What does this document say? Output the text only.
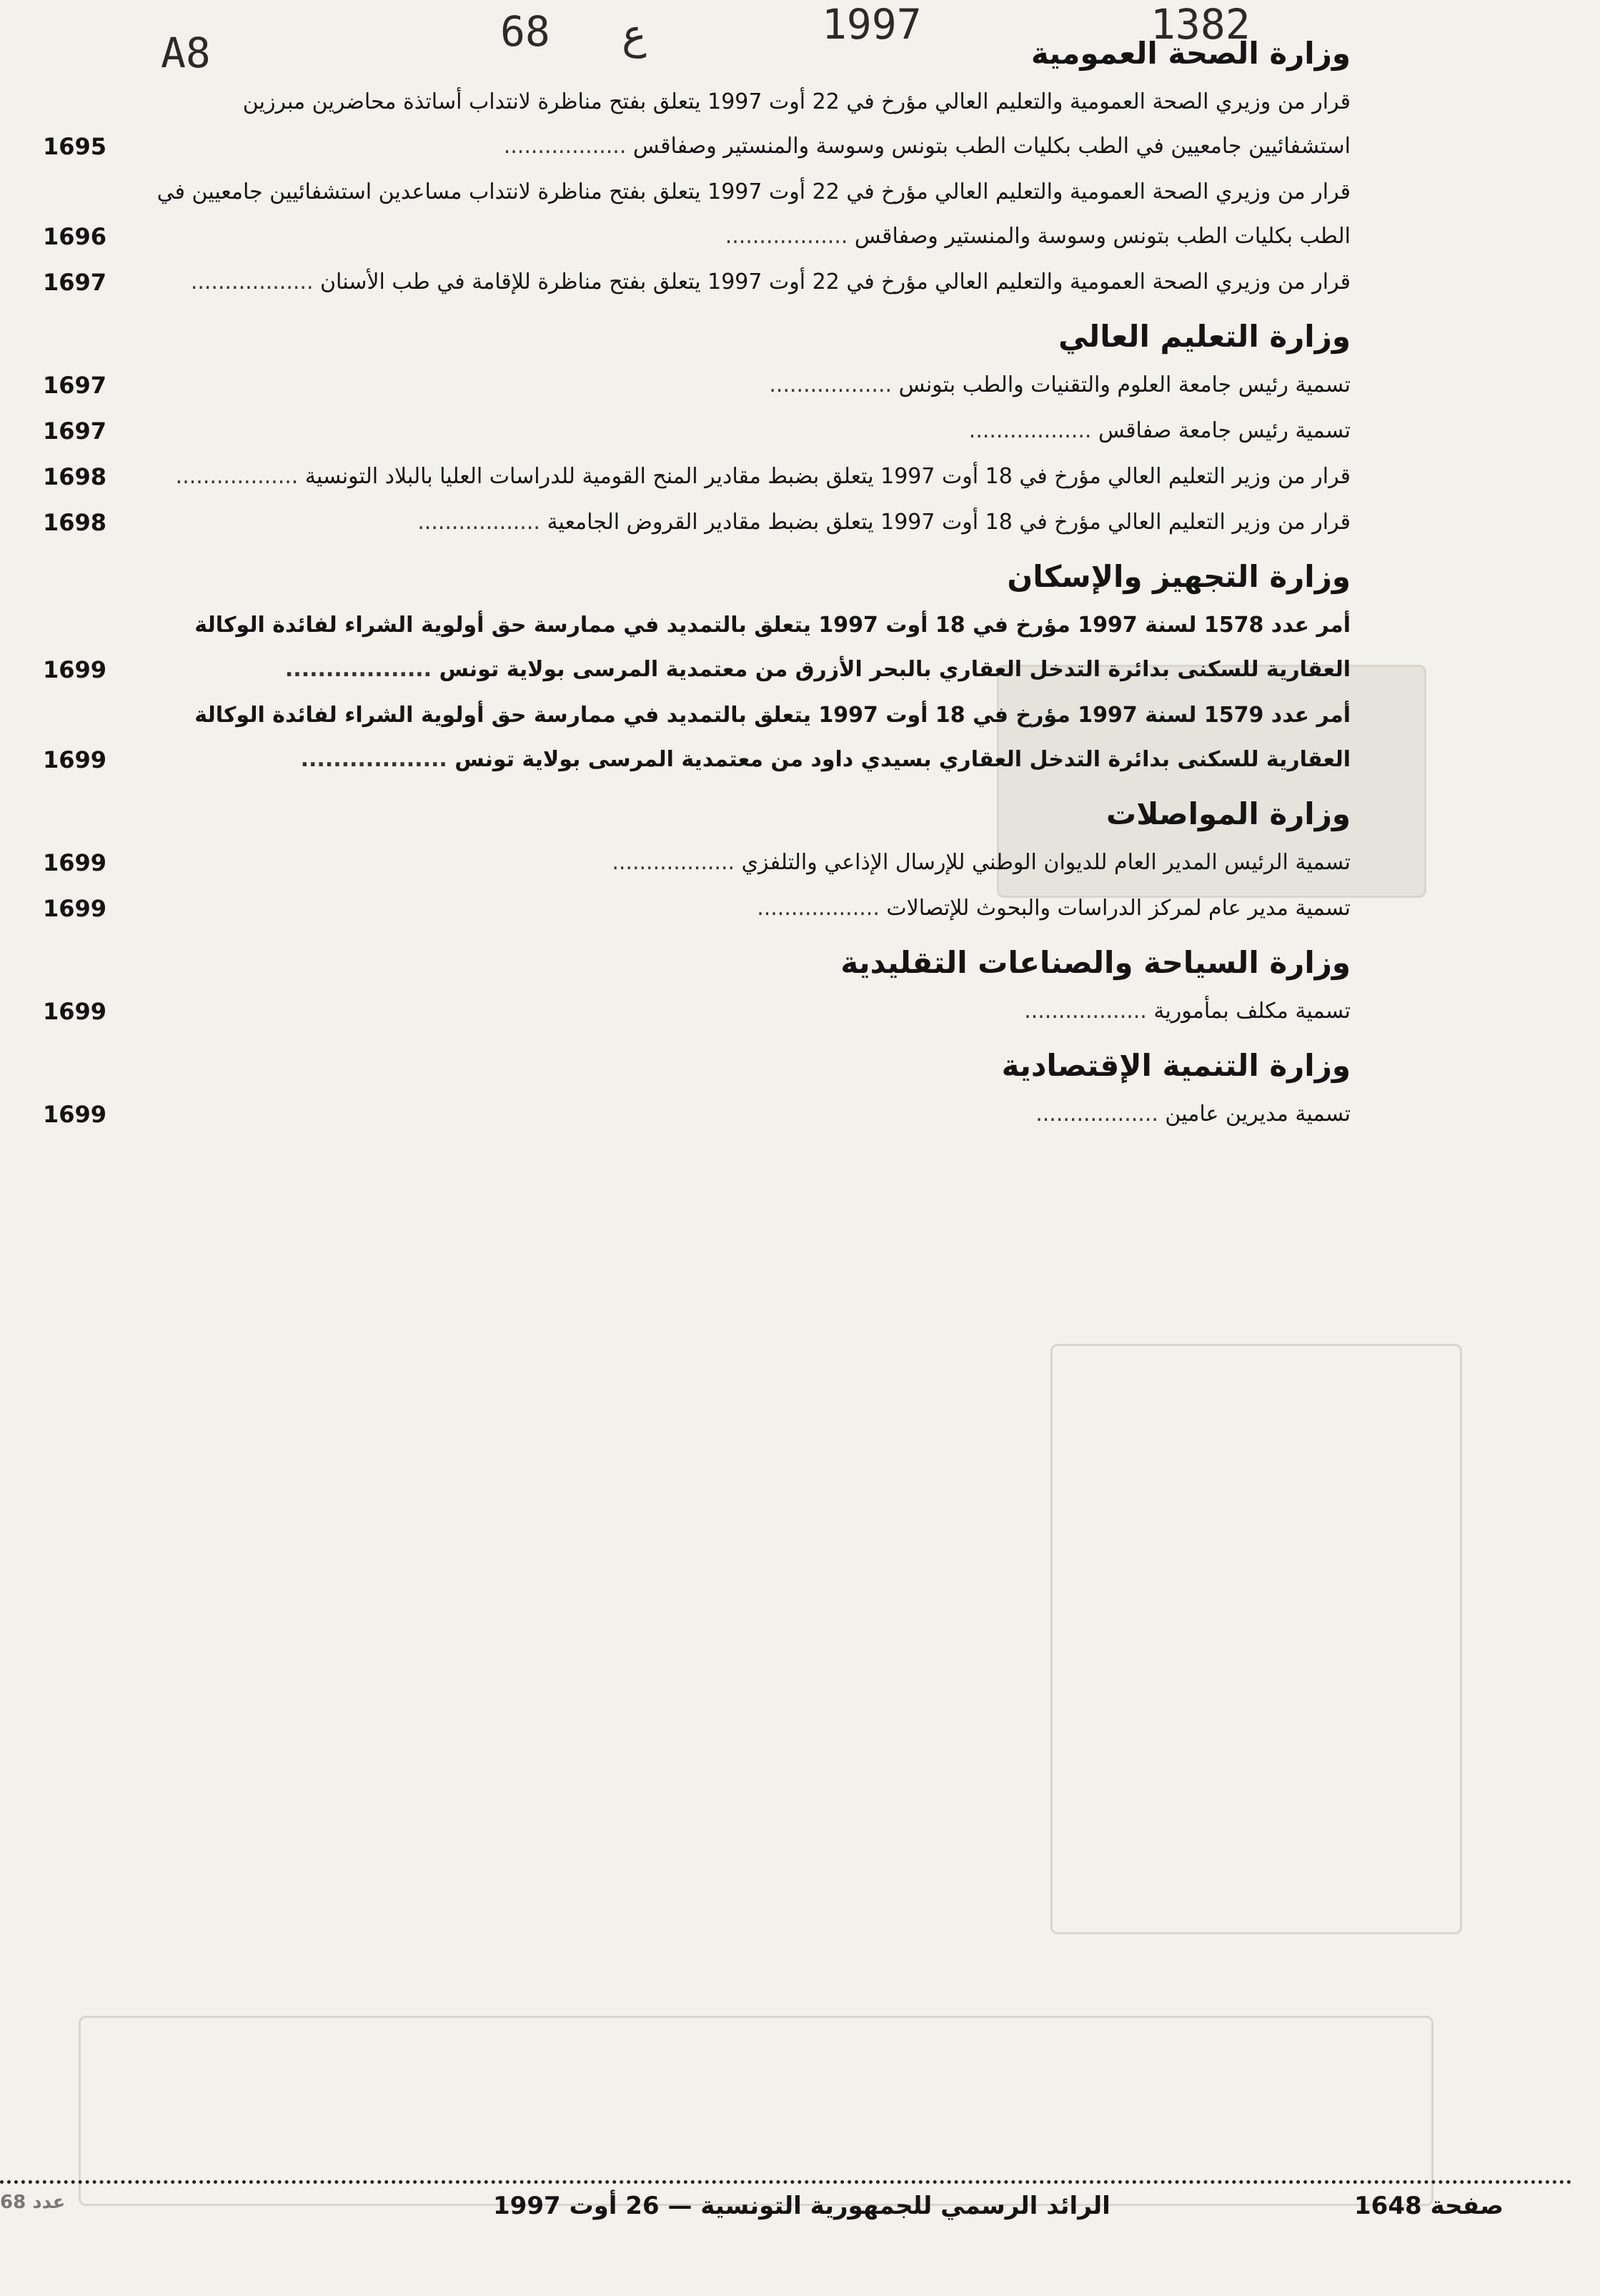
A8	68 ع	1997	1382
وزارة الصحة العمومية
قرار من وزيري الصحة العمومية والتعليم العالي مؤرخ في 22 أوت 1997 يتعلق بفتح مناظرة لانتداب أساتذة محاضرين مبرزين استشفائيين جامعيين في الطب بكليات الطب بتونس وسوسة والمنستير وصفاقس ..................
1695
قرار من وزيري الصحة العمومية والتعليم العالي مؤرخ في 22 أوت 1997 يتعلق بفتح مناظرة لانتداب مساعدين استشفائيين جامعيين في الطب بكليات الطب بتونس وسوسة والمنستير وصفاقس ..................
1696
قرار من وزيري الصحة العمومية والتعليم العالي مؤرخ في 22 أوت 1997 يتعلق بفتح مناظرة للإقامة في طب الأسنان ..................
1697
وزارة التعليم العالي
تسمية رئيس جامعة العلوم والتقنيات والطب بتونس ..................
1697
تسمية رئيس جامعة صفاقس ..................
1697
قرار من وزير التعليم العالي مؤرخ في 18 أوت 1997 يتعلق بضبط مقادير المنح القومية للدراسات العليا بالبلاد التونسية ..................
1698
قرار من وزير التعليم العالي مؤرخ في 18 أوت 1997 يتعلق بضبط مقادير القروض الجامعية ..................
1698
وزارة التجهيز والإسكان
أمر عدد 1578 لسنة 1997 مؤرخ في 18 أوت 1997 يتعلق بالتمديد في ممارسة حق أولوية الشراء لفائدة الوكالة العقارية للسكنى بدائرة التدخل العقاري بالبحر الأزرق من معتمدية المرسى بولاية تونس ..................
1699
أمر عدد 1579 لسنة 1997 مؤرخ في 18 أوت 1997 يتعلق بالتمديد في ممارسة حق أولوية الشراء لفائدة الوكالة العقارية للسكنى بدائرة التدخل العقاري بسيدي داود من معتمدية المرسى بولاية تونس ..................
1699
وزارة المواصلات
تسمية الرئيس المدير العام للديوان الوطني للإرسال الإذاعي والتلفزي ..................
1699
تسمية مدير عام لمركز الدراسات والبحوث للإتصالات ..................
1699
وزارة السياحة والصناعات التقليدية
تسمية مكلف بمأمورية ..................
1699
وزارة التنمية الإقتصادية
تسمية مديرين عامين ..................
1699
صفحة 1648
الرائد الرسمي للجمهورية التونسية — 26 أوت 1997
عدد 68
